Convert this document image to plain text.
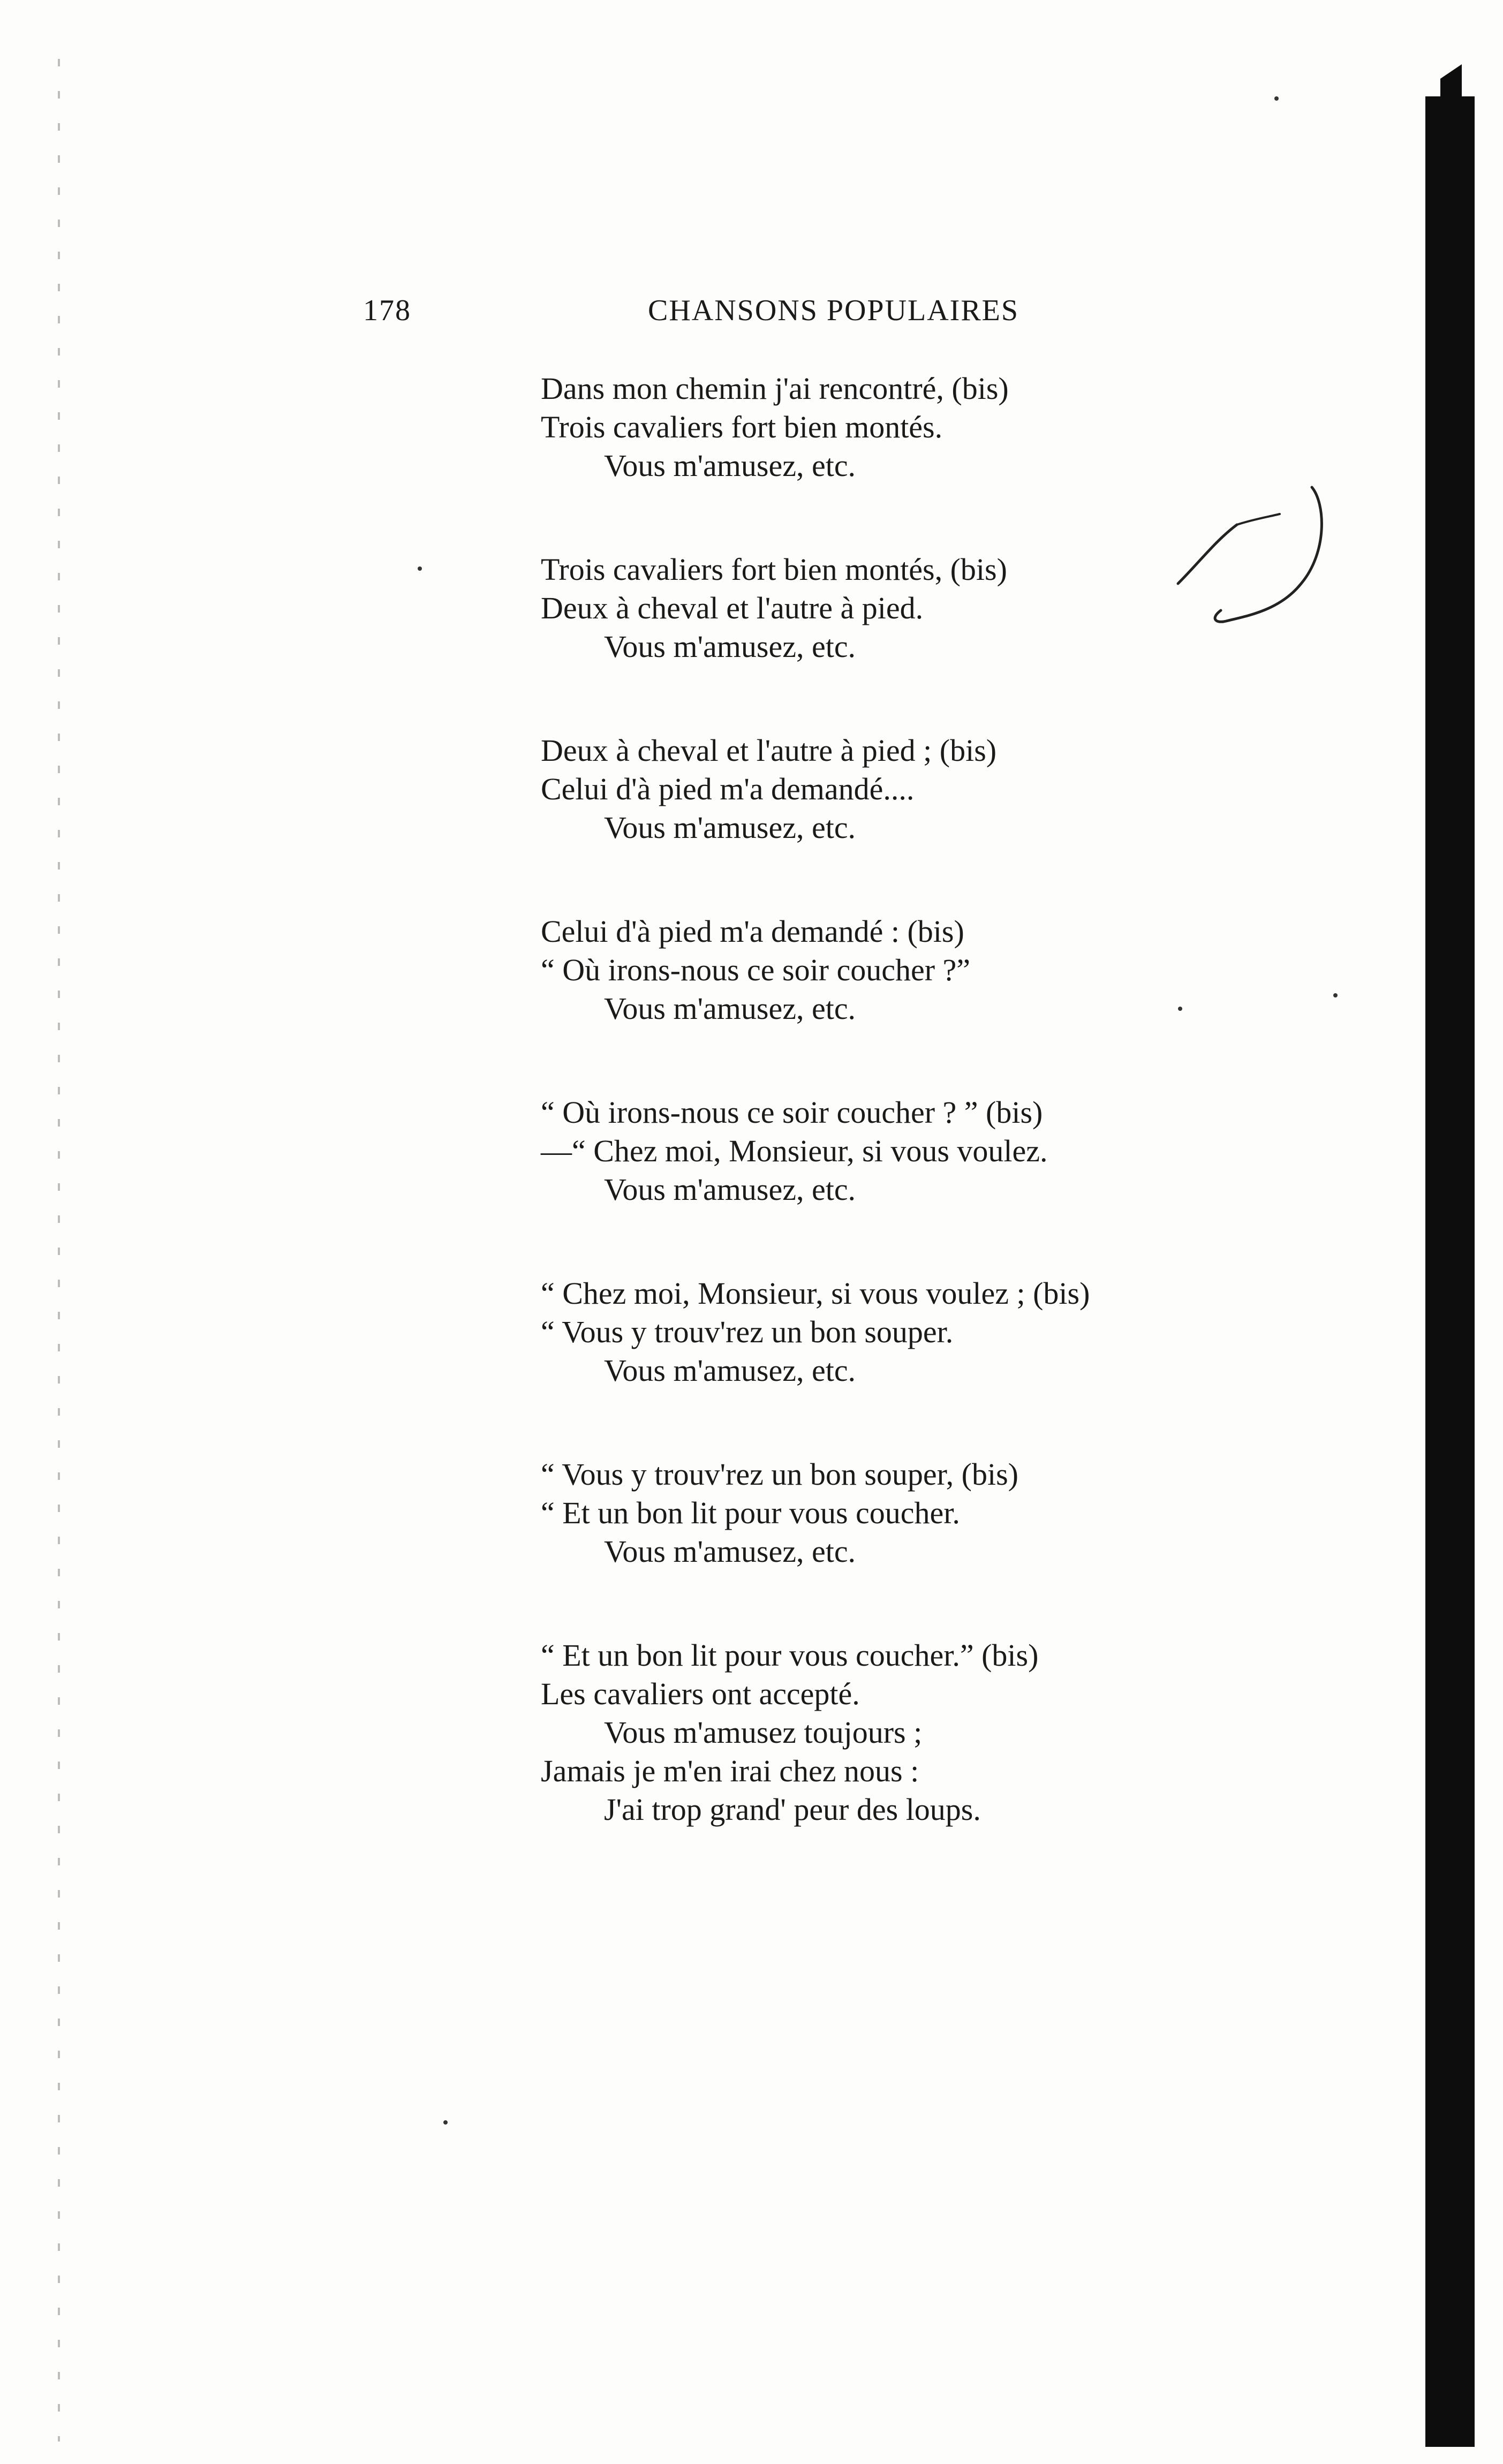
178	CHANSONS POPULAIRES
Dans mon chemin j'ai rencontré, (bis)
Trois cavaliers fort bien montés.
Vous m'amusez, etc.
Trois cavaliers fort bien montés, (bis)
Deux à cheval et l'autre à pied.
Vous m'amusez, etc.
Deux à cheval et l'autre à pied ; (bis)
Celui d'à pied m'a demandé....
Vous m'amusez, etc.
Celui d'à pied m'a demandé : (bis)
“ Où irons-nous ce soir coucher ?”
Vous m'amusez, etc.
“ Où irons-nous ce soir coucher ? ” (bis)
—“ Chez moi, Monsieur, si vous voulez.
Vous m'amusez, etc.
“ Chez moi, Monsieur, si vous voulez ; (bis)
“ Vous y trouv'rez un bon souper.
Vous m'amusez, etc.
“ Vous y trouv'rez un bon souper, (bis)
“ Et un bon lit pour vous coucher.
Vous m'amusez, etc.
“ Et un bon lit pour vous coucher.” (bis)
Les cavaliers ont accepté.
Vous m'amusez toujours ;
Jamais je m'en irai chez nous :
J'ai trop grand' peur des loups.
